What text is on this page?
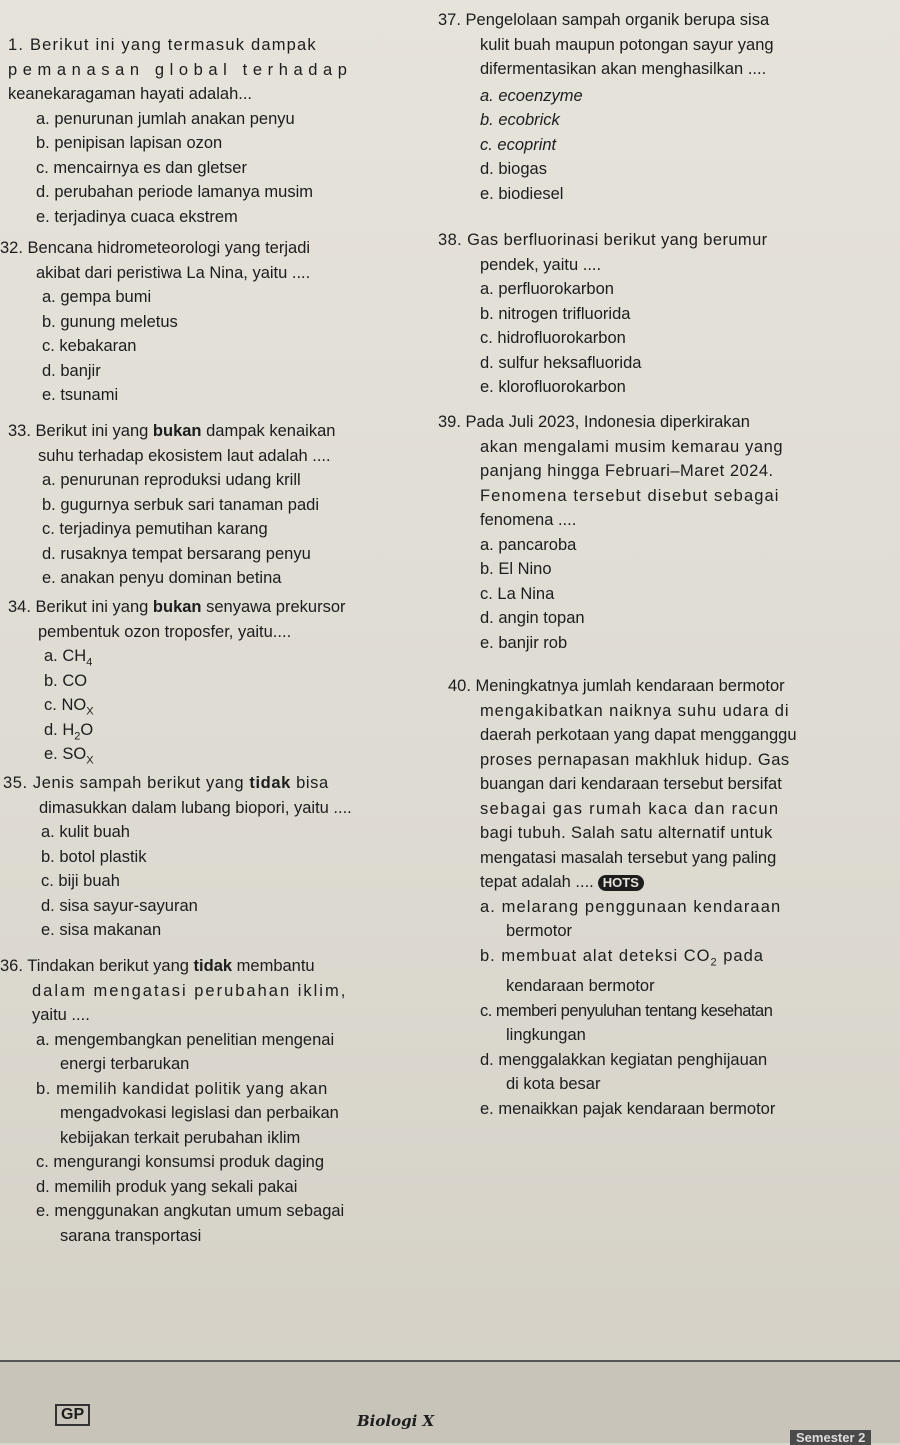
1. Berikut ini yang termasuk dampak

pemanasan global terhadap

keanekaragaman hayati adalah...

a. penurunan jumlah anakan penyu
b. penipisan lapisan ozon
c. mencairnya es dan gletser
d. perubahan periode lamanya musim
e. terjadinya cuaca ekstrem

32. Bencana hidrometeorologi yang terjadi

akibat dari peristiwa La Nina, yaitu ....

a. gempa bumi
b. gunung meletus
c. kebakaran
d. banjir
e. tsunami

33. Berikut ini yang bukan dampak kenaikan

suhu terhadap ekosistem laut adalah ....

a. penurunan reproduksi udang krill
b. gugurnya serbuk sari tanaman padi
c. terjadinya pemutihan karang
d. rusaknya tempat bersarang penyu
e. anakan penyu dominan betina

34. Berikut ini yang bukan senyawa prekursor

pembentuk ozon troposfer, yaitu....

a. $CH_4$
b. CO
c. $NO_X$
d. $H_2O$
e. $SO_X$

35. Jenis sampah berikut yang tidak bisa

dimasukkan dalam lubang biopori, yaitu ....

a. kulit buah
b. botol plastik
c. biji buah
d. sisa sayur-sayuran
e. sisa makanan

36. Tindakan berikut yang tidak membantu

dalam mengatasi perubahan iklim,

yaitu ....

a. mengembangkan penelitian mengenai
energi terbarukan
b. memilih kandidat politik yang akan
mengadvokasi legislasi dan perbaikan
kebijakan terkait perubahan iklim
c. mengurangi konsumsi produk daging
d. memilih produk yang sekali pakai
e. menggunakan angkutan umum sebagai
sarana transportasi

37. Pengelolaan sampah organik berupa sisa

kulit buah maupun potongan sayur yang

difermentasikan akan menghasilkan ....

a. ecoenzyme
b. ecobrick
c. ecoprint
d. biogas
e. biodiesel

38. Gas berfluorinasi berikut yang berumur

pendek, yaitu ....

a. perfluorokarbon
b. nitrogen trifluorida
c. hidrofluorokarbon
d. sulfur heksafluorida
e. klorofluorokarbon

39. Pada Juli 2023, Indonesia diperkirakan

akan mengalami musim kemarau yang

panjang hingga Februari–Maret 2024.

Fenomena tersebut disebut sebagai

fenomena ....

a. pancaroba
b. El Nino
c. La Nina
d. angin topan
e. banjir rob

40. Meningkatnya jumlah kendaraan bermotor

mengakibatkan naiknya suhu udara di

daerah perkotaan yang dapat mengganggu

proses pernapasan makhluk hidup. Gas

buangan dari kendaraan tersebut bersifat

sebagai gas rumah kaca dan racun

bagi tubuh. Salah satu alternatif untuk

mengatasi masalah tersebut yang paling

tepat adalah .... HOTS

a. melarang penggunaan kendaraan
bermotor
b. membuat alat deteksi $CO_2$ pada
kendaraan bermotor
c. memberi penyuluhan tentang kesehatan
lingkungan
d. menggalakkan kegiatan penghijauan
di kota besar
e. menaikkan pajak kendaraan bermotor
GP	Biologi X
Semester 2
